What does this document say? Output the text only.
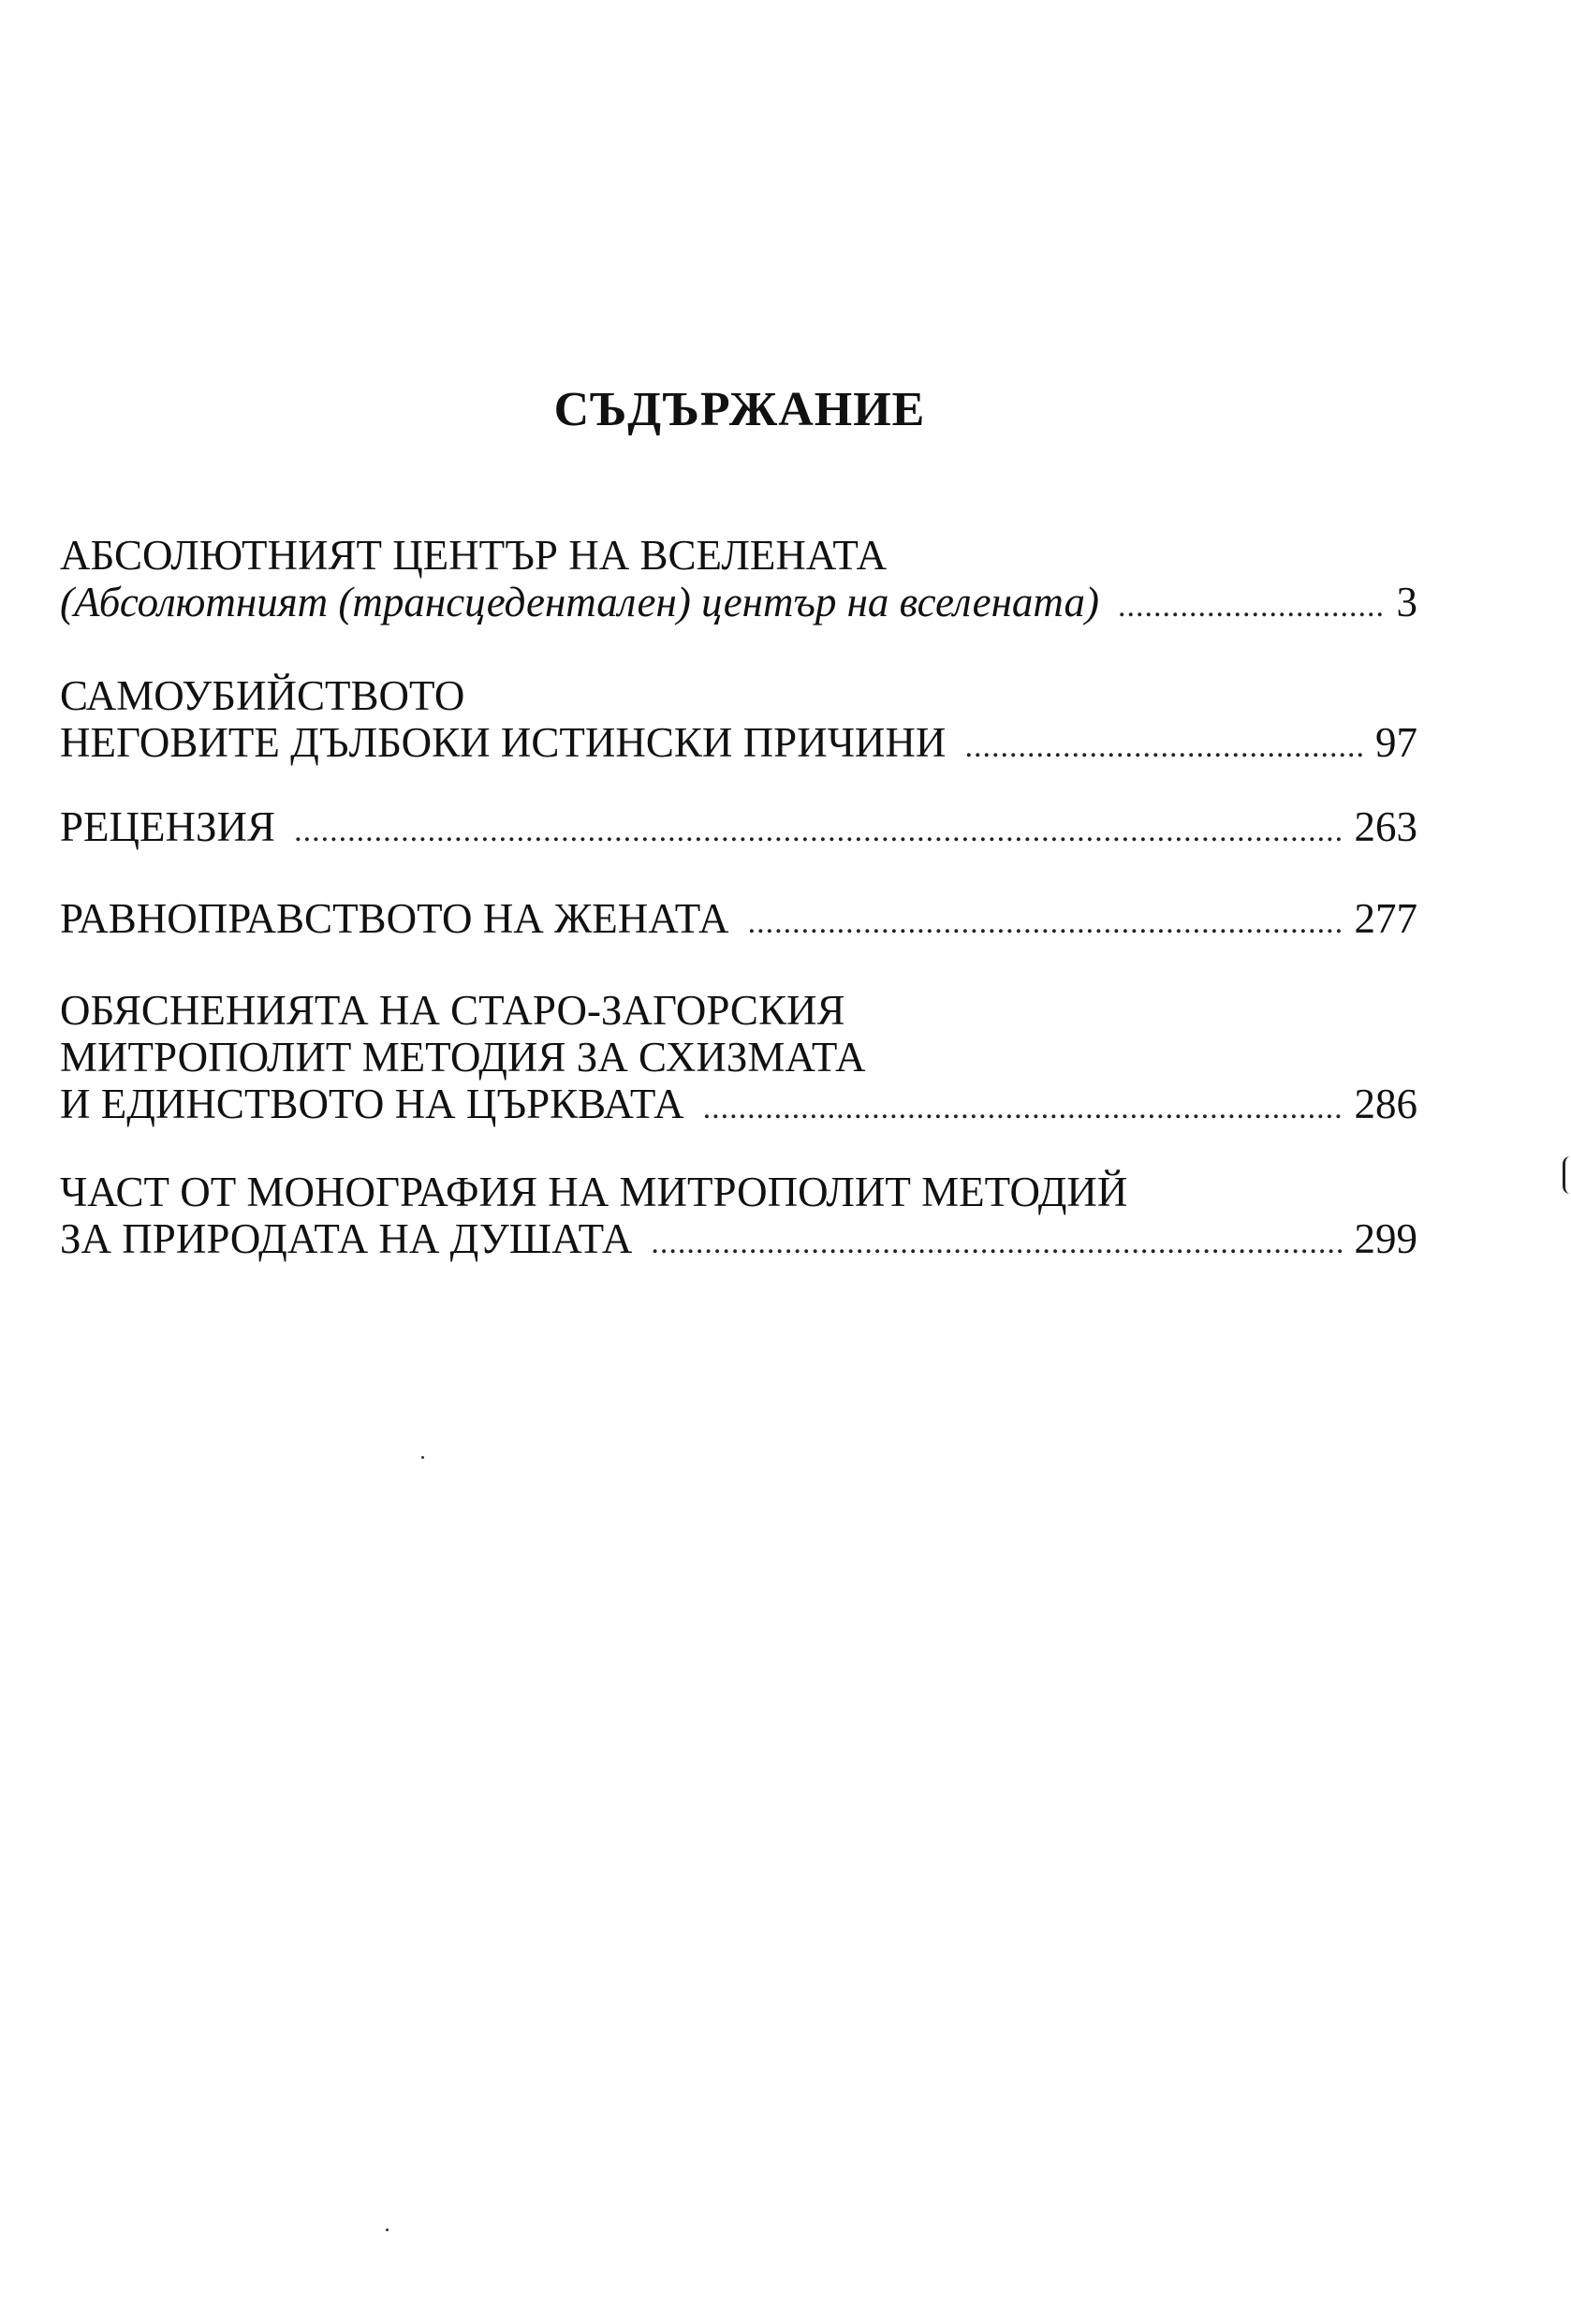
СЪДЪРЖАНИЕ
АБСОЛЮТНИЯТ ЦЕНТЪР НА ВСЕЛЕНАТА
(Абсолютният (трансцедентален) център на вселената) .....	3
САМОУБИЙСТВОТО
НЕГОВИТЕ ДЪЛБОКИ ИСТИНСКИ ПРИЧИНИ .....	97
РЕЦЕНЗИЯ .....	263
РАВНОПРАВСТВОТО НА ЖЕНАТА .....	277
ОБЯСНЕНИЯТА НА СТАРО-ЗАГОРСКИЯ
МИТРОПОЛИТ МЕТОДИЯ ЗА СХИЗМАТА
И ЕДИНСТВОТО НА ЦЪРКВАТА .....	286
ЧАСТ ОТ МОНОГРАФИЯ НА МИТРОПОЛИТ МЕТОДИЙ
ЗА ПРИРОДАТА НА ДУШАТА .....	299
